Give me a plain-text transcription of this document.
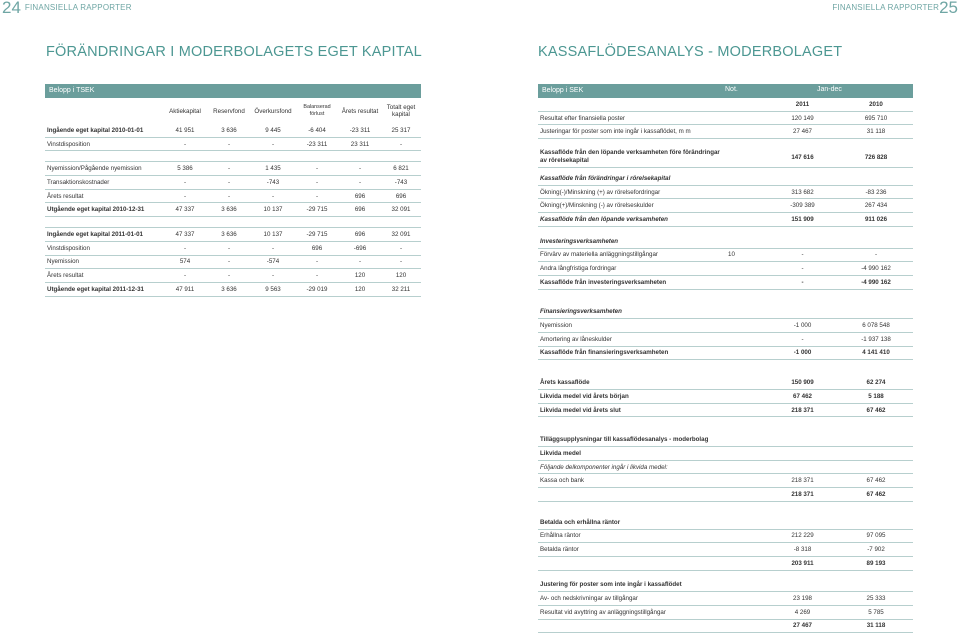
24 FINANSIELLA RAPPORTER	FINANSIELLA RAPPORTER25
FÖRÄNDRINGAR I MODERBOLAGETS EGET KAPITAL	KASSAFLÖDESANALYS - MODERBOLAGET
Belopp i TSEK	Belopp i SEK	Not.	Jan-dec
	Aktiekapital	Reservfond	Överkursfond	Balanserad förlust	Årets resultat	Totalt eget kapital
Ingående eget kapital 2010-01-01	41 951	3 636	9 445	-6 404	-23 311	25 317
Vinstdisposition	-	-	-	-23 311	23 311	-

Nyemission/Pågående nyemission	5 386	-	1 435	-	-	6 821
Transaktionskostnader	-	-	-743	-	-	-743
Årets resultat	-	-	-	-	696	696
Utgående eget kapital 2010-12-31	47 337	3 636	10 137	-29 715	696	32 091

Ingående eget kapital 2011-01-01	47 337	3 636	10 137	-29 715	696	32 091
Vinstdisposition	-	-	-	696	-696	-
Nyemission	574	-	-574	-	-	-
Årets resultat	-	-	-	-	120	120
Utgående eget kapital 2011-12-31	47 911	3 636	9 563	-29 019	120	32 211
		2011	2010
Resultat efter finansiella poster		120 149	695 710
Justeringar för poster som inte ingår i kassaflödet, m m		27 467	31 118

Kassaflöde från den löpande verksamheten före förändringar av rörelsekapital		147 616	726 828

Kassaflöde från förändringar i rörelsekapital			
Ökning(-)/Minskning (+) av rörelsefordringar		313 682	-83 236
Ökning(+)/Minskning (-) av rörelseskulder		-309 389	267 434
Kassaflöde från den löpande verksamheten		151 909	911 026

Investeringsverksamheten			
Förvärv av materiella anläggningstillgångar	10	-	-
Andra långfristiga fordringar		-	-4 990 162
Kassaflöde från investeringsverksamheten		-	-4 990 162

Finansieringsverksamheten			
Nyemission		-1 000	6 078 548
Amortering av låneskulder		-	-1 937 138
Kassaflöde från finansieringsverksamheten		-1 000	4 141 410

Årets kassaflöde		150 909	62 274
Likvida medel vid årets början		67 462	5 188
Likvida medel vid årets slut		218 371	67 462

Tilläggsupplysningar till kassaflödesanalys - moderbolag			
Likvida medel			
Följande delkomponenter ingår i likvida medel:			
Kassa och bank		218 371	67 462
		218 371	67 462

Betalda och erhållna räntor			
Erhållna räntor		212 229	97 095
Betalda räntor		-8 318	-7 902
		203 911	89 193

Justering för poster som inte ingår i kassaflödet			
Av- och nedskrivningar av tillgångar		23 198	25 333
Resultat vid avyttring av anläggningstillgångar		4 269	5 785
		27 467	31 118
